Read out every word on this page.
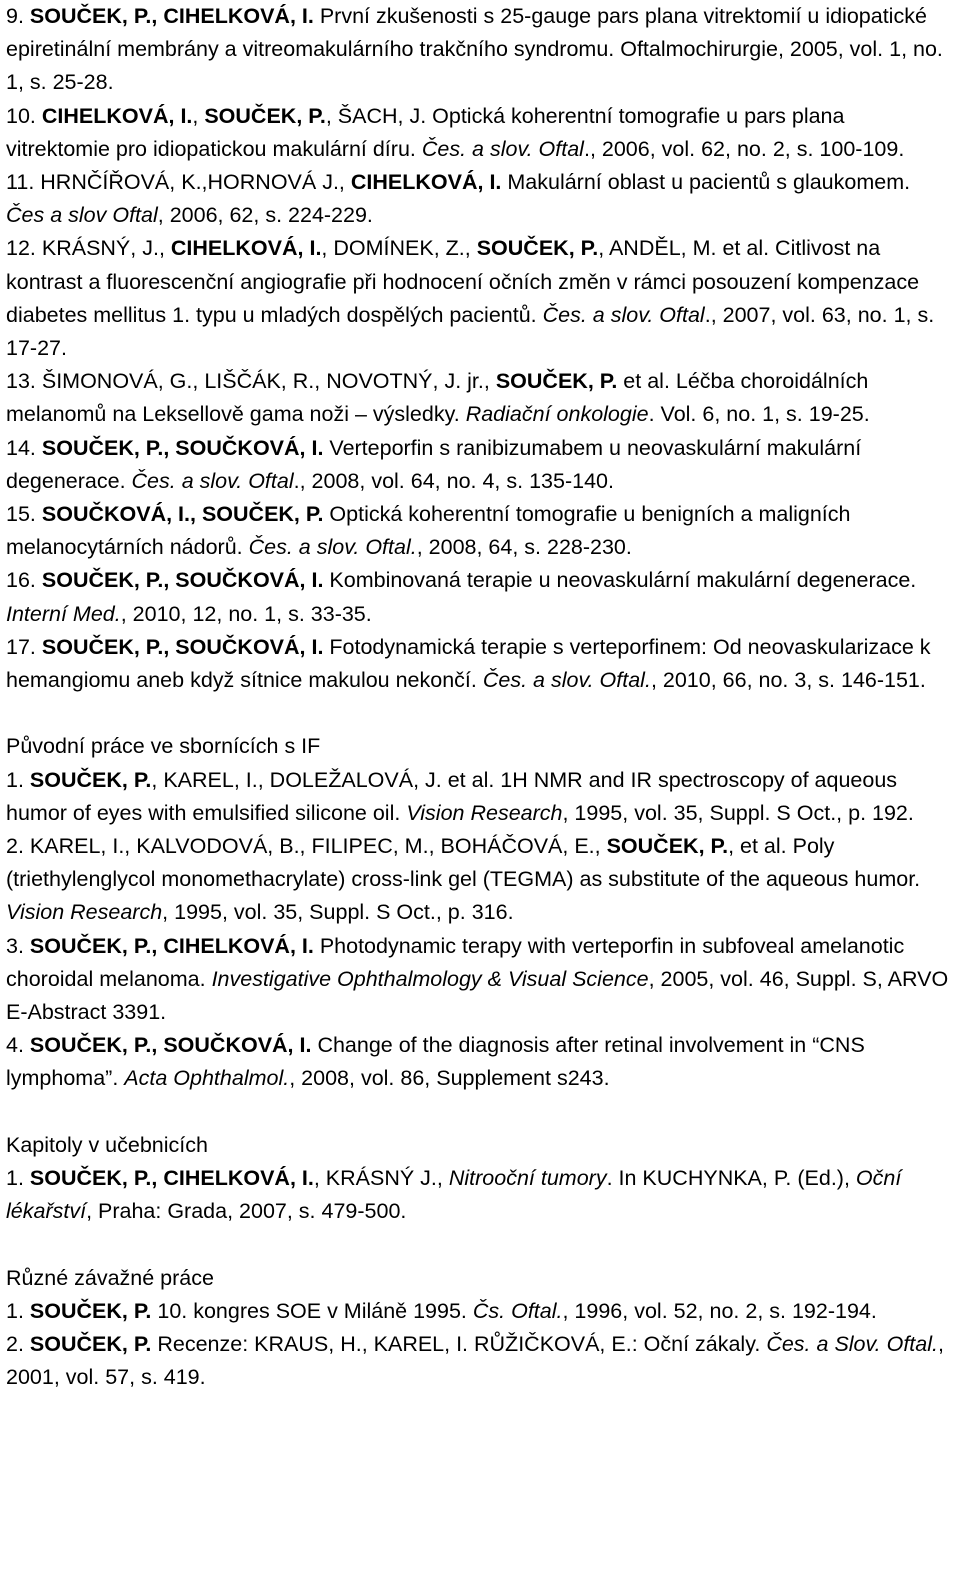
9. SOUČEK, P., CIHELKOVÁ, I. První zkušenosti s 25-gauge pars plana vitrektomií u idiopatické epiretinální membrány a vitreomakulárního trakčního syndromu. Oftalmochirurgie, 2005, vol. 1, no. 1, s. 25-28.

10. CIHELKOVÁ, I., SOUČEK, P., ŠACH, J. Optická koherentní tomografie u pars plana vitrektomie pro idiopatickou makulární díru. Čes. a slov. Oftal., 2006, vol. 62, no. 2, s. 100-109.

11. HRNČÍŘOVÁ, K.,HORNOVÁ J., CIHELKOVÁ, I. Makulární oblast u pacientů s glaukomem. Čes a slov Oftal, 2006, 62, s. 224-229.

12. KRÁSNÝ, J., CIHELKOVÁ, I., DOMÍNEK, Z., SOUČEK, P., ANDĚL, M. et al. Citlivost na kontrast a fluorescenční angiografie při hodnocení očních změn v rámci posouzení kompenzace diabetes mellitus 1. typu u mladých dospělých pacientů. Čes. a slov. Oftal., 2007, vol. 63, no. 1, s. 17-27.

13. ŠIMONOVÁ, G., LIŠČÁK, R., NOVOTNÝ, J. jr., SOUČEK, P. et al. Léčba choroidálních melanomů na Leksellově gama noži – výsledky. Radiační onkologie. Vol. 6, no. 1, s. 19-25.

14. SOUČEK, P., SOUČKOVÁ, I. Verteporfin s ranibizumabem u neovaskulární makulární degenerace. Čes. a slov. Oftal., 2008, vol. 64, no. 4, s. 135-140.

15. SOUČKOVÁ, I., SOUČEK, P. Optická koherentní tomografie u benigních a maligních melanocytárních nádorů. Čes. a slov. Oftal., 2008, 64, s. 228-230.

16. SOUČEK, P., SOUČKOVÁ, I. Kombinovaná terapie u neovaskulární makulární degenerace. Interní Med., 2010, 12, no. 1, s. 33-35.

17. SOUČEK, P., SOUČKOVÁ, I. Fotodynamická terapie s verteporfinem: Od neovaskularizace k hemangiomu aneb když sítnice makulou nekončí. Čes. a slov. Oftal., 2010, 66, no. 3, s. 146-151.

Původní práce ve sbornících s IF

1. SOUČEK, P., KAREL, I., DOLEŽALOVÁ, J. et al. 1H NMR and IR spectroscopy of aqueous humor of eyes with emulsified silicone oil. Vision Research, 1995, vol. 35, Suppl. S Oct., p. 192.

2. KAREL, I., KALVODOVÁ, B., FILIPEC, M., BOHÁČOVÁ, E., SOUČEK, P., et al. Poly (triethylenglycol monomethacrylate) cross-link gel (TEGMA) as substitute of the aqueous humor. Vision Research, 1995, vol. 35, Suppl. S Oct., p. 316.

3. SOUČEK, P., CIHELKOVÁ, I. Photodynamic terapy with verteporfin in subfoveal amelanotic choroidal melanoma. Investigative Ophthalmology & Visual Science, 2005, vol. 46, Suppl. S, ARVO E-Abstract 3391.

4. SOUČEK, P., SOUČKOVÁ, I. Change of the diagnosis after retinal involvement in “CNS lymphoma”. Acta Ophthalmol., 2008, vol. 86, Supplement s243.

Kapitoly v učebnicích

1. SOUČEK, P., CIHELKOVÁ, I., KRÁSNÝ J., Nitrooční tumory. In KUCHYNKA, P. (Ed.), Oční lékařství, Praha: Grada, 2007, s. 479-500.

Různé závažné práce

1. SOUČEK, P. 10. kongres SOE v Miláně 1995. Čs. Oftal., 1996, vol. 52, no. 2, s. 192-194.

2. SOUČEK, P. Recenze: KRAUS, H., KAREL, I. RŮŽIČKOVÁ, E.: Oční zákaly. Čes. a Slov. Oftal., 2001, vol. 57, s. 419.
